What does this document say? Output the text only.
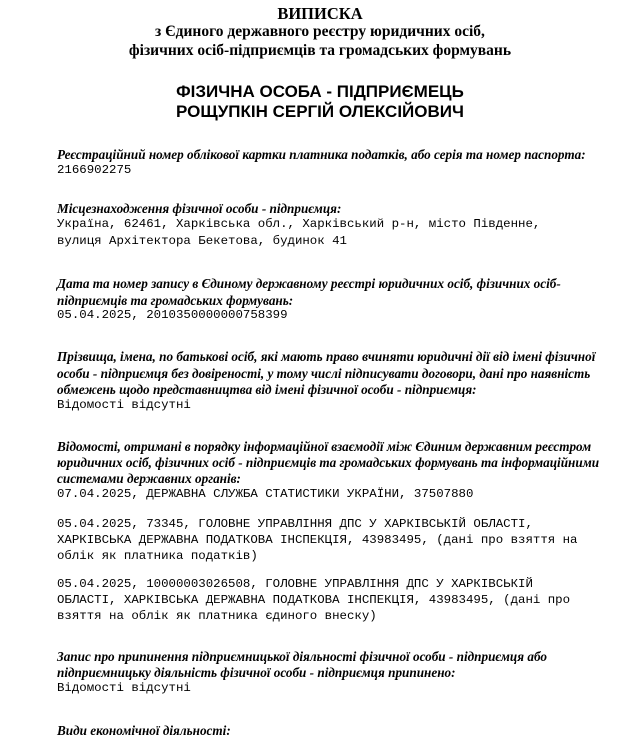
ВИПИСКА
з Єдиного державного реєстру юридичних осіб,
фізичних осіб-підприємців та громадських формувань
ФІЗИЧНА ОСОБА - ПІДПРИЄМЕЦЬ
РОЩУПКІН СЕРГІЙ ОЛЕКСІЙОВИЧ
Реєстраційний номер облікової картки платника податків, або серія та номер паспорта:
2166902275
Місцезнаходження фізичної особи - підприємця:
Україна, 62461, Харківська обл., Харківський р-н, місто Південне,
вулиця Архітектора Бекетова, будинок 41
Дата та номер запису в Єдиному державному реєстрі юридичних осіб, фізичних осіб-
підприємців та громадських формувань:
05.04.2025, 2010350000000758399
Прізвища, імена, по батькові осіб, які мають право вчиняти юридичні дії від імені фізичної
особи - підприємця без довіреності, у тому числі підписувати договори, дані про наявність
обмежень щодо представництва від імені фізичної особи - підприємця:
Відомості відсутні
Відомості, отримані в порядку інформаційної взаємодії між Єдиним державним реєстром
юридичних осіб, фізичних осіб - підприємців та громадських формувань та інформаційними
системами державних органів:
07.04.2025, ДЕРЖАВНА СЛУЖБА СТАТИСТИКИ УКРАЇНИ, 37507880
05.04.2025, 73345, ГОЛОВНЕ УПРАВЛІННЯ ДПС У ХАРКІВСЬКІЙ ОБЛАСТІ,
ХАРКІВСЬКА ДЕРЖАВНА ПОДАТКОВА ІНСПЕКЦІЯ, 43983495, (дані про взяття на
облік як платника податків)
05.04.2025, 10000003026508, ГОЛОВНЕ УПРАВЛІННЯ ДПС У ХАРКІВСЬКІЙ
ОБЛАСТІ, ХАРКІВСЬКА ДЕРЖАВНА ПОДАТКОВА ІНСПЕКЦІЯ, 43983495, (дані про
взяття на облік як платника єдиного внеску)
Запис про припинення підприємницької діяльності фізичної особи - підприємця або
підприємницьку діяльність фізичної особи - підприємця припинено:
Відомості відсутні
Види економічної діяльності:
